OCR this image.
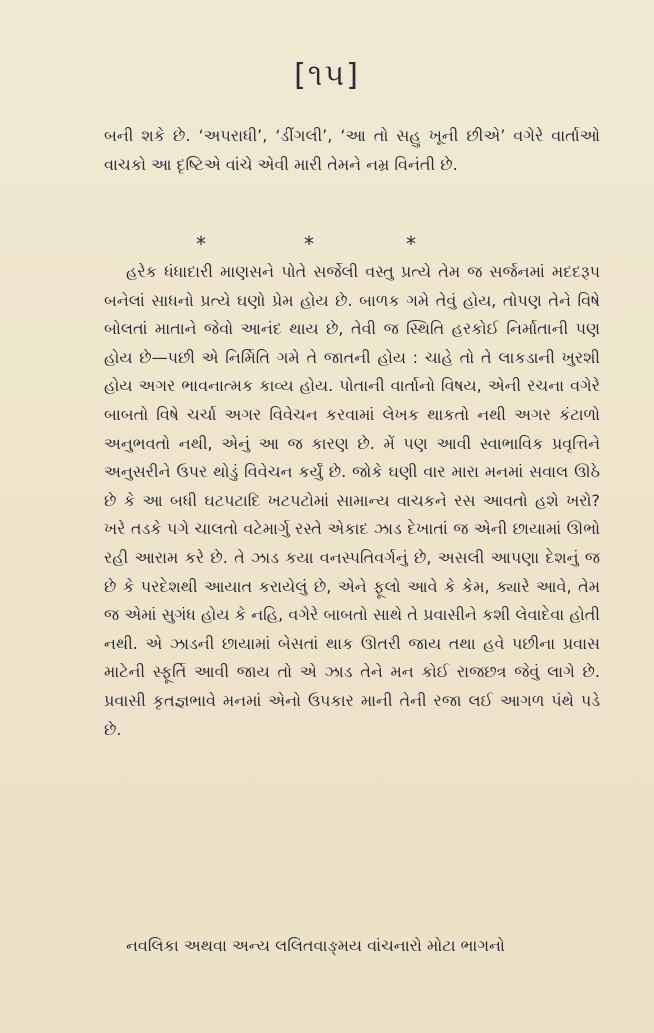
[૧૫]

બની શકે છે. ‘અપરાધી’, ‘ડીંગલી’, ‘આ તો સહુ ખૂની છીએ’ વગેરે વાર્તાઓ વાચકો આ દૃષ્ટિએ વાંચે એવી મારી તેમને નમ્ર વિનંતી છે.

*	*	*

હરેક ધંધાદારી માણસને પોતે સર્જેલી વસ્તુ પ્રત્યે તેમ જ સર્જનમાં મદદરૂપ બનેલાં સાધનો પ્રત્યે ઘણો પ્રેમ હોય છે. બાળક ગમે તેવું હોય, તોપણ તેને વિષે બોલતાં માતાને જેવો આનંદ થાય છે, તેવી જ સ્થિતિ હરકોઈ નિર્માતાની પણ હોય છે—પછી એ નિર્મિતિ ગમે તે જાતની હોય : ચાહે તો તે લાકડાની ખુરશી હોય અગર ભાવનાત્મક કાવ્ય હોય. પોતાની વાર્તાનો વિષય, એની રચના વગેરે બાબતો વિષે ચર્ચા અગર વિવેચન કરવામાં લેખક થાકતો નથી અગર કંટાળો અનુભવતો નથી, એનું આ જ કારણ છે. મેં પણ આવી સ્વાભાવિક પ્રવૃત્તિને અનુસરીને ઉપર થોડું વિવેચન કર્યું છે. જોકે ઘણી વાર મારા મનમાં સવાલ ઊઠે છે કે આ બધી ઘટપટાદિ ખટપટોમાં સામાન્ય વાચકને રસ આવતો હશે ખરો? ખરે તડકે પગે ચાલતો વટેમાર્ગુ રસ્તે એકાદ ઝાડ દેખાતાં જ એની છાયામાં ઊભો રહી આરામ કરે છે. તે ઝાડ કયા વનસ્પતિવર્ગનું છે, અસલી આપણા દેશનું જ છે કે પરદેશથી આયાત કરાયેલું છે, એને ફૂલો આવે કે કેમ, ક્યારે આવે, તેમ જ એમાં સુગંધ હોય કે નહિ, વગેરે બાબતો સાથે તે પ્રવાસીને કશી લેવાદેવા હોતી નથી. એ ઝાડની છાયામાં બેસતાં થાક ઊતરી જાય તથા હવે પછીના પ્રવાસ માટેની સ્ફૂર્તિ આવી જાય તો એ ઝાડ તેને મન કોઈ રાજછત્ર જેવું લાગે છે. પ્રવાસી કૃતજ્ઞભાવે મનમાં એનો ઉપકાર માની તેની રજા લઈ આગળ પંથે પડે છે.

નવલિકા અથવા અન્ય લલિતવાઙ્મય વાંચનારો મોટા ભાગનો
